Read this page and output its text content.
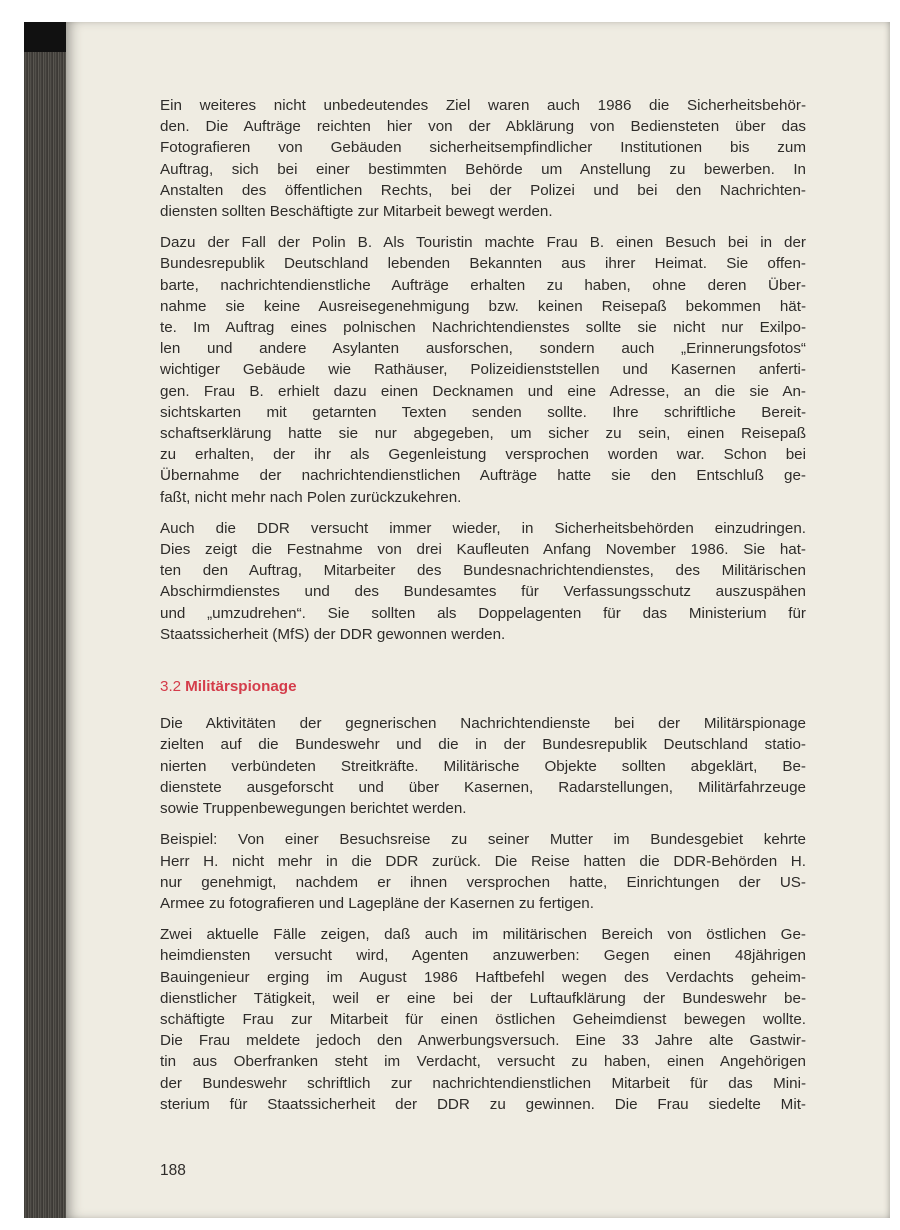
Ein weiteres nicht unbedeutendes Ziel waren auch 1986 die Sicherheitsbehör-
den. Die Aufträge reichten hier von der Abklärung von Bediensteten über das
Fotografieren von Gebäuden sicherheitsempfindlicher Institutionen bis zum
Auftrag, sich bei einer bestimmten Behörde um Anstellung zu bewerben. In
Anstalten des öffentlichen Rechts, bei der Polizei und bei den Nachrichten-
diensten sollten Beschäftigte zur Mitarbeit bewegt werden.

Dazu der Fall der Polin B. Als Touristin machte Frau B. einen Besuch bei in der
Bundesrepublik Deutschland lebenden Bekannten aus ihrer Heimat. Sie offen-
barte, nachrichtendienstliche Aufträge erhalten zu haben, ohne deren Über-
nahme sie keine Ausreisegenehmigung bzw. keinen Reisepaß bekommen hät-
te. Im Auftrag eines polnischen Nachrichtendienstes sollte sie nicht nur Exilpo-
len und andere Asylanten ausforschen, sondern auch „Erinnerungsfotos“
wichtiger Gebäude wie Rathäuser, Polizeidienststellen und Kasernen anferti-
gen. Frau B. erhielt dazu einen Decknamen und eine Adresse, an die sie An-
sichtskarten mit getarnten Texten senden sollte. Ihre schriftliche Bereit-
schaftserklärung hatte sie nur abgegeben, um sicher zu sein, einen Reisepaß
zu erhalten, der ihr als Gegenleistung versprochen worden war. Schon bei
Übernahme der nachrichtendienstlichen Aufträge hatte sie den Entschluß ge-
faßt, nicht mehr nach Polen zurückzukehren.

Auch die DDR versucht immer wieder, in Sicherheitsbehörden einzudringen.
Dies zeigt die Festnahme von drei Kaufleuten Anfang November 1986. Sie hat-
ten den Auftrag, Mitarbeiter des Bundesnachrichtendienstes, des Militärischen
Abschirmdienstes und des Bundesamtes für Verfassungsschutz auszuspähen
und „umzudrehen“. Sie sollten als Doppelagenten für das Ministerium für
Staatssicherheit (MfS) der DDR gewonnen werden.

3.2 Militärspionage

Die Aktivitäten der gegnerischen Nachrichtendienste bei der Militärspionage
zielten auf die Bundeswehr und die in der Bundesrepublik Deutschland statio-
nierten verbündeten Streitkräfte. Militärische Objekte sollten abgeklärt, Be-
dienstete ausgeforscht und über Kasernen, Radarstellungen, Militärfahrzeuge
sowie Truppenbewegungen berichtet werden.

Beispiel: Von einer Besuchsreise zu seiner Mutter im Bundesgebiet kehrte
Herr H. nicht mehr in die DDR zurück. Die Reise hatten die DDR-Behörden H.
nur genehmigt, nachdem er ihnen versprochen hatte, Einrichtungen der US-
Armee zu fotografieren und Lagepläne der Kasernen zu fertigen.

Zwei aktuelle Fälle zeigen, daß auch im militärischen Bereich von östlichen Ge-
heimdiensten versucht wird, Agenten anzuwerben: Gegen einen 48jährigen
Bauingenieur erging im August 1986 Haftbefehl wegen des Verdachts geheim-
dienstlicher Tätigkeit, weil er eine bei der Luftaufklärung der Bundeswehr be-
schäftigte Frau zur Mitarbeit für einen östlichen Geheimdienst bewegen wollte.
Die Frau meldete jedoch den Anwerbungsversuch. Eine 33 Jahre alte Gastwir-
tin aus Oberfranken steht im Verdacht, versucht zu haben, einen Angehörigen
der Bundeswehr schriftlich zur nachrichtendienstlichen Mitarbeit für das Mini-
sterium für Staatssicherheit der DDR zu gewinnen. Die Frau siedelte Mit-

188
